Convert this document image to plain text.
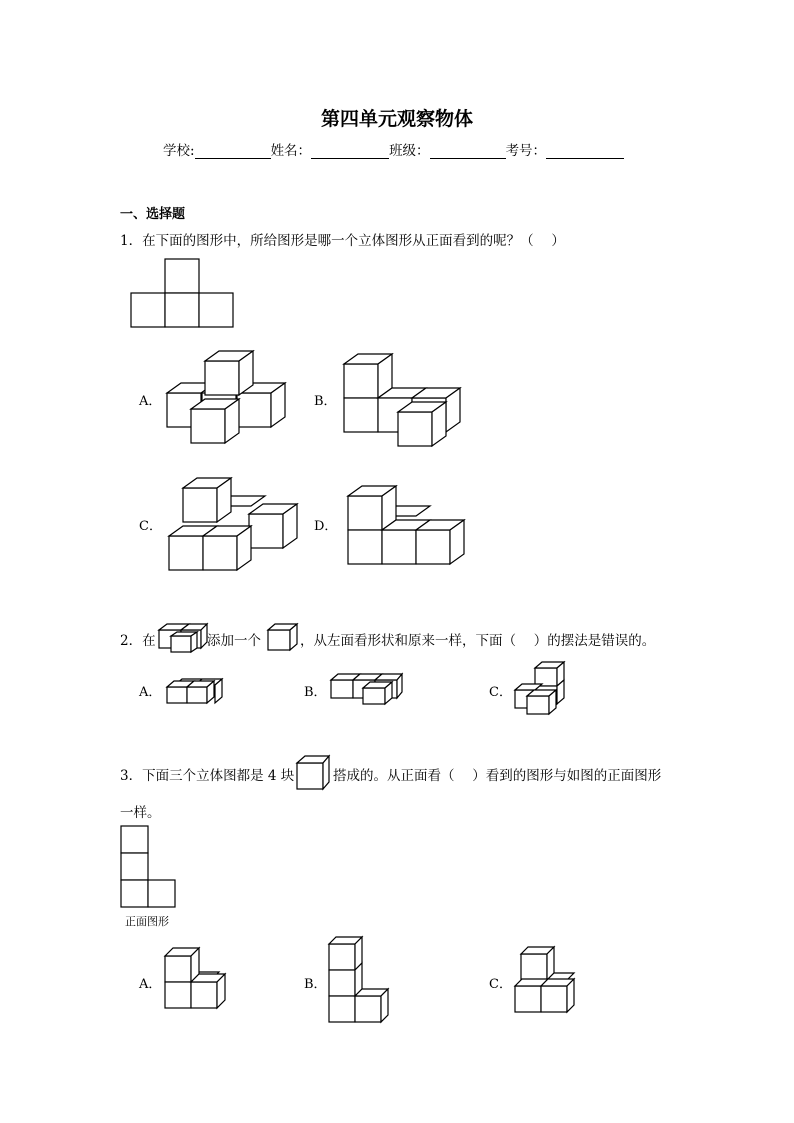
第四单元观察物体
学校:	姓名：	班级：	考号：
一、选择题
1．在下面的图形中，所给图形是哪一个立体图形从正面看到的呢？（　 ）
A．	B．
C．	D．
2．在	添加一个	，从左面看形状和原来一样，下面（　 ）的摆法是错误的。
A．	B．	C．
3．下面三个立体图都是 4 块	搭成的。从正面看（　 ）看到的图形与如图的正面图形
一样。
正面图形
A．	B．	C．
